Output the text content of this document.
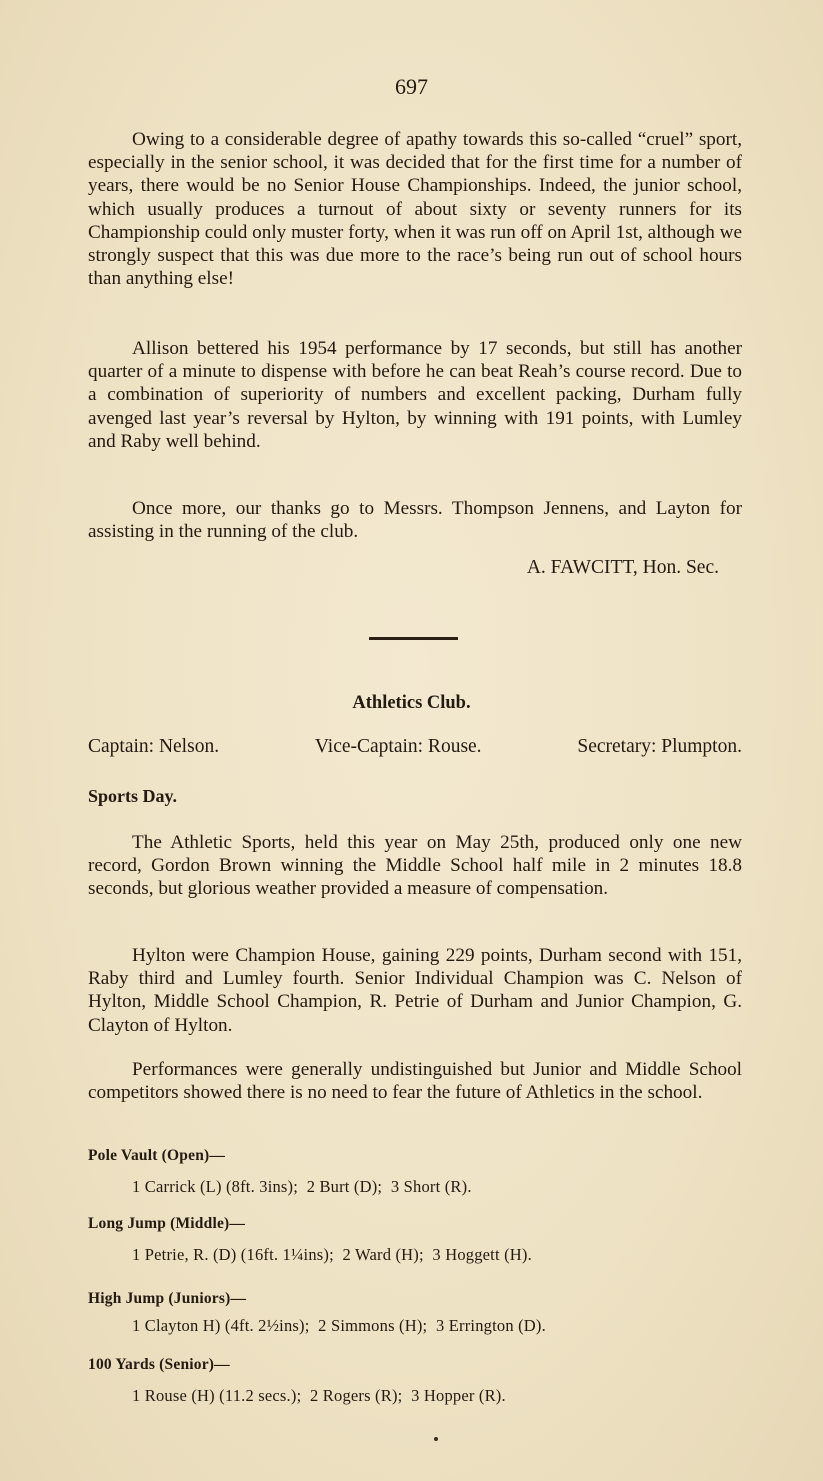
697

Owing to a considerable degree of apathy towards this so-called “cruel” sport, especially in the senior school, it was decided that for the first time for a number of years, there would be no Senior House Championships. Indeed, the junior school, which usually produces a turnout of about sixty or seventy runners for its Championship could only muster forty, when it was run off on April 1st, although we strongly suspect that this was due more to the race’s being run out of school hours than anything else!

Allison bettered his 1954 performance by 17 seconds, but still has another quarter of a minute to dispense with before he can beat Reah’s course record. Due to a combination of superiority of numbers and excellent packing, Durham fully avenged last year’s reversal by Hylton, by winning with 191 points, with Lumley and Raby well behind.

Once more, our thanks go to Messrs. Thompson Jennens, and Layton for assisting in the running of the club.

A. FAWCITT, Hon. Sec.
Athletics Club.
Captain: Nelson.	Vice-Captain: Rouse.	Secretary: Plumpton.
Sports Day.

The Athletic Sports, held this year on May 25th, produced only one new record, Gordon Brown winning the Middle School half mile in 2 minutes 18.8 seconds, but glorious weather provided a measure of compensation.

Hylton were Champion House, gaining 229 points, Durham second with 151, Raby third and Lumley fourth. Senior Individual Champion was C. Nelson of Hylton, Middle School Champion, R. Petrie of Durham and Junior Champion, G. Clayton of Hylton.

Performances were generally undistinguished but Junior and Middle School competitors showed there is no need to fear the future of Athletics in the school.

Pole Vault (Open)—
1 Carrick (L) (8ft. 3ins); 2 Burt (D); 3 Short (R).
Long Jump (Middle)—
1 Petrie, R. (D) (16ft. 1¼ins); 2 Ward (H); 3 Hoggett (H).
High Jump (Juniors)—
1 Clayton H) (4ft. 2½ins); 2 Simmons (H); 3 Errington (D).
100 Yards (Senior)—
1 Rouse (H) (11.2 secs.); 2 Rogers (R); 3 Hopper (R).
